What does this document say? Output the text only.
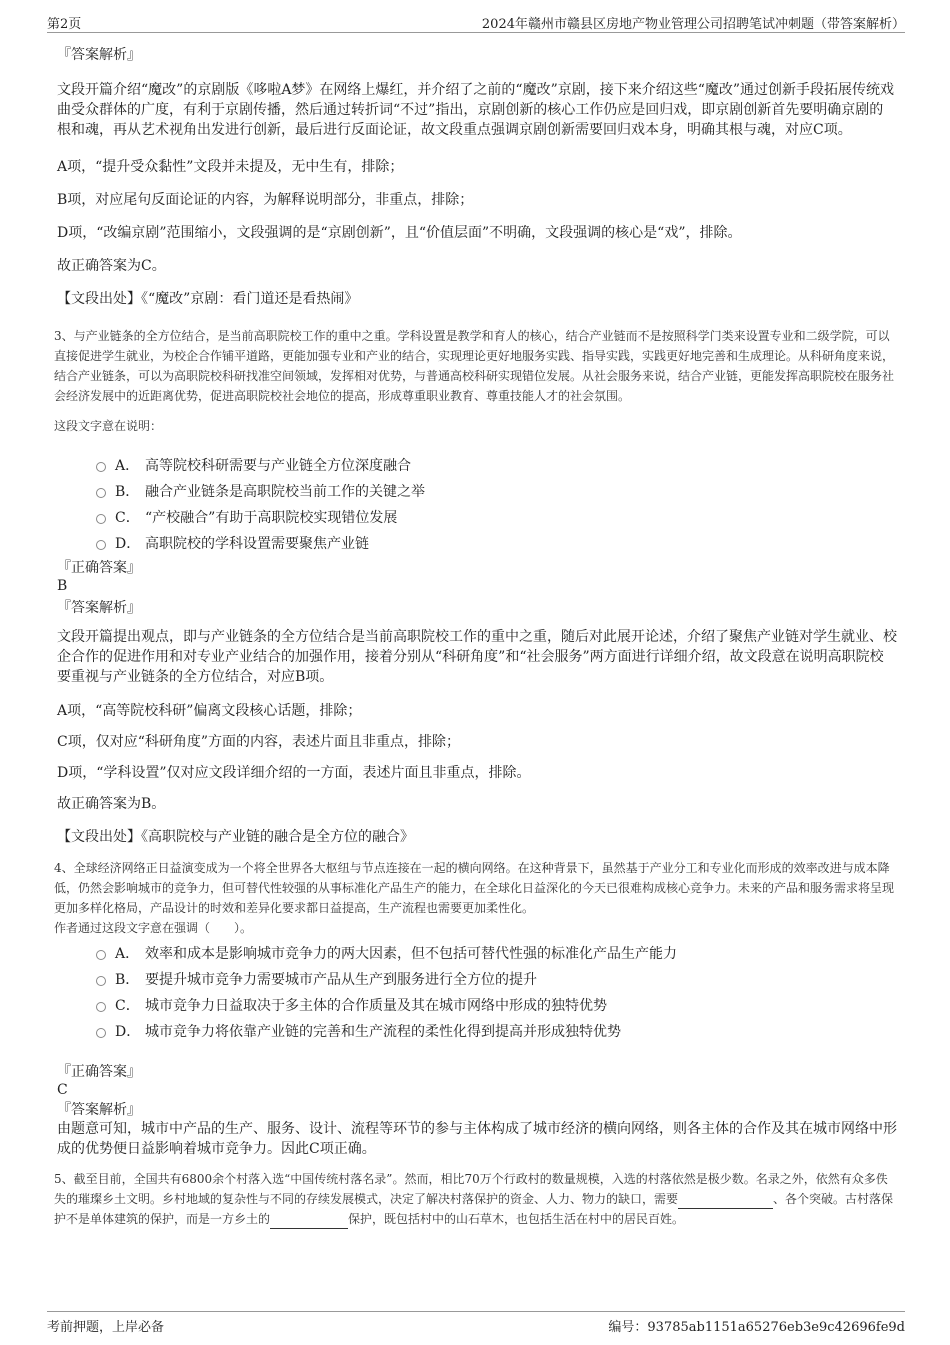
第2页	2024年赣州市赣县区房地产物业管理公司招聘笔试冲刺题（带答案解析）

『答案解析』

文段开篇介绍“魔改”的京剧版《哆啦A梦》在网络上爆红，并介绍了之前的“魔改”京剧，接下来介绍这些“魔改”通过创新手段拓展传统戏曲受众群体的广度，有利于京剧传播，然后通过转折词“不过”指出，京剧创新的核心工作仍应是回归戏，即京剧创新首先要明确京剧的根和魂，再从艺术视角出发进行创新，最后进行反面论证，故文段重点强调京剧创新需要回归戏本身，明确其根与魂，对应C项。

A项，“提升受众黏性”文段并未提及，无中生有，排除；

B项，对应尾句反面论证的内容，为解释说明部分，非重点，排除；

D项，“改编京剧”范围缩小，文段强调的是“京剧创新”，且“价值层面”不明确，文段强调的核心是“戏”，排除。

故正确答案为C。

【文段出处】《“魔改”京剧：看门道还是看热闹》

3、与产业链条的全方位结合，是当前高职院校工作的重中之重。学科设置是教学和育人的核心，结合产业链而不是按照科学门类来设置专业和二级学院，可以直接促进学生就业，为校企合作铺平道路，更能加强专业和产业的结合，实现理论更好地服务实践、指导实践，实践更好地完善和生成理论。从科研角度来说，结合产业链条，可以为高职院校科研找准空间领域，发挥相对优势，与普通高校科研实现错位发展。从社会服务来说，结合产业链，更能发挥高职院校在服务社会经济发展中的近距离优势，促进高职院校社会地位的提高，形成尊重职业教育、尊重技能人才的社会氛围。

这段文字意在说明：

A． 高等院校科研需要与产业链全方位深度融合
B． 融合产业链条是高职院校当前工作的关键之举
C． “产校融合”有助于高职院校实现错位发展
D． 高职院校的学科设置需要聚焦产业链

『正确答案』

B

『答案解析』

文段开篇提出观点，即与产业链条的全方位结合是当前高职院校工作的重中之重，随后对此展开论述，介绍了聚焦产业链对学生就业、校企合作的促进作用和对专业产业结合的加强作用，接着分别从“科研角度”和“社会服务”两方面进行详细介绍，故文段意在说明高职院校要重视与产业链条的全方位结合，对应B项。

A项，“高等院校科研”偏离文段核心话题，排除；

C项，仅对应“科研角度”方面的内容，表述片面且非重点，排除；

D项，“学科设置”仅对应文段详细介绍的一方面，表述片面且非重点，排除。

故正确答案为B。

【文段出处】《高职院校与产业链的融合是全方位的融合》

4、全球经济网络正日益演变成为一个将全世界各大枢纽与节点连接在一起的横向网络。在这种背景下，虽然基于产业分工和专业化而形成的效率改进与成本降低，仍然会影响城市的竞争力，但可替代性较强的从事标准化产品生产的能力，在全球化日益深化的今天已很难构成核心竞争力。未来的产品和服务需求将呈现更加多样化格局，产品设计的时效和差异化要求都日益提高，生产流程也需要更加柔性化。

作者通过这段文字意在强调（　　）。

A． 效率和成本是影响城市竞争力的两大因素，但不包括可替代性强的标准化产品生产能力
B． 要提升城市竞争力需要城市产品从生产到服务进行全方位的提升
C． 城市竞争力日益取决于多主体的合作质量及其在城市网络中形成的独特优势
D． 城市竞争力将依靠产业链的完善和生产流程的柔性化得到提高并形成独特优势

『正确答案』

C

『答案解析』

由题意可知，城市中产品的生产、服务、设计、流程等环节的参与主体构成了城市经济的横向网络，则各主体的合作及其在城市网络中形成的优势便日益影响着城市竞争力。因此C项正确。

5、截至目前，全国共有6800余个村落入选“中国传统村落名录”。然而，相比70万个行政村的数量规模，入选的村落依然是极少数。名录之外，依然有众多佚失的璀璨乡土文明。乡村地域的复杂性与不同的存续发展模式，决定了解决村落保护的资金、人力、物力的缺口，需要	、各个突破。古村落保护不是单体建筑的保护，而是一方乡土的	保护，既包括村中的山石草木，也包括生活在村中的居民百姓。

考前押题，上岸必备	编号：93785ab1151a65276eb3e9c42696fe9d
